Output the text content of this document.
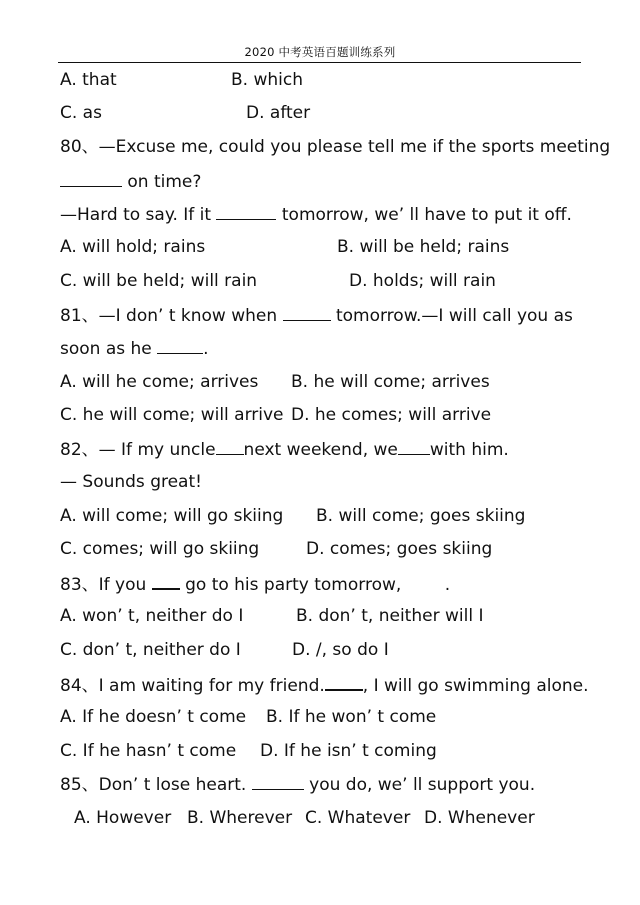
2020 中考英语百题训练系列
A. that	B. which
C. as	D. after
80、—Excuse me, could you please tell me if the sports meeting
on time?
—Hard to say. If it	tomorrow, we’ ll have to put it off.
A. will hold; rains	B. will be held; rains
C. will be held; will rain	D. holds; will rain
81、—I don’ t know when	tomorrow.—I will call you as
soon as he	.
A. will he come; arrives B. he will come; arrives
C. he will come; will arrive D. he comes; will arrive
82、— If my uncle next weekend, we with him.
— Sounds great!
A. will come; will go skiing B. will come; goes skiing
C. comes; will go skiing	D. comes; goes skiing
83、If you go to his party tomorrow,	.
A. won’ t, neither do I	B. don’ t, neither will I
C. don’ t, neither do I	D. /, so do I
84、I am waiting for my friend. , I will go swimming alone.
A. If he doesn’ t come B. If he won’ t come
C. If he hasn’ t come D. If he isn’ t coming
85、Don’ t lose heart.	you do, we’ ll support you.
A. However B. Wherever C. Whatever D. Whenever
